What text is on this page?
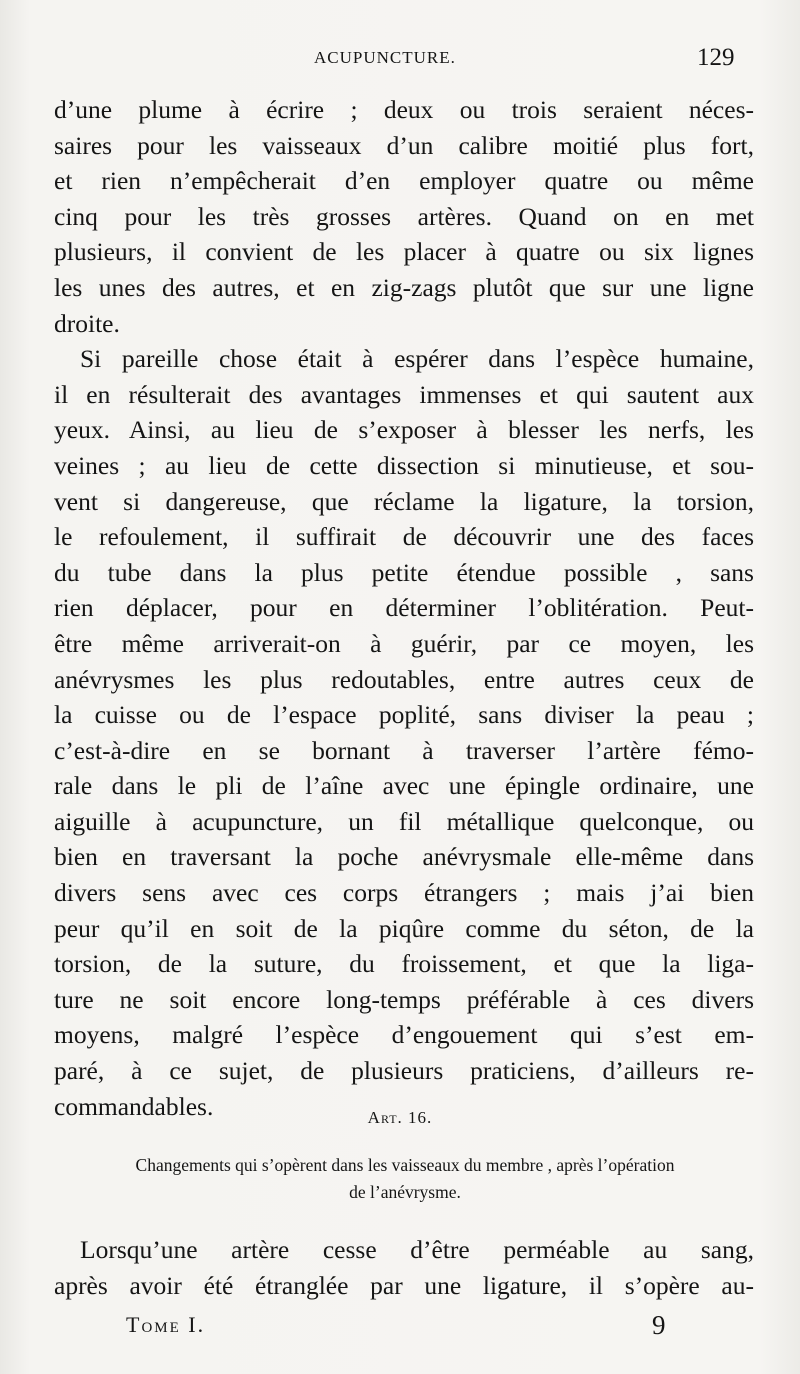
ACUPUNCTURE.	129
d’une plume à écrire ; deux ou trois seraient néces-
saires pour les vaisseaux d’un calibre moitié plus fort,
et rien n’empêcherait d’en employer quatre ou même
cinq pour les très grosses artères. Quand on en met
plusieurs, il convient de les placer à quatre ou six lignes
les unes des autres, et en zig-zags plutôt que sur une ligne
droite.
Si pareille chose était à espérer dans l’espèce humaine,
il en résulterait des avantages immenses et qui sautent aux
yeux. Ainsi, au lieu de s’exposer à blesser les nerfs, les
veines ; au lieu de cette dissection si minutieuse, et sou-
vent si dangereuse, que réclame la ligature, la torsion,
le refoulement, il suffirait de découvrir une des faces
du tube dans la plus petite étendue possible , sans
rien déplacer, pour en déterminer l’oblitération. Peut-
être même arriverait-on à guérir, par ce moyen, les
anévrysmes les plus redoutables, entre autres ceux de
la cuisse ou de l’espace poplité, sans diviser la peau ;
c’est-à-dire en se bornant à traverser l’artère fémo-
rale dans le pli de l’aîne avec une épingle ordinaire, une
aiguille à acupuncture, un fil métallique quelconque, ou
bien en traversant la poche anévrysmale elle-même dans
divers sens avec ces corps étrangers ; mais j’ai bien
peur qu’il en soit de la piqûre comme du séton, de la
torsion, de la suture, du froissement, et que la liga-
ture ne soit encore long-temps préférable à ces divers
moyens, malgré l’espèce d’engouement qui s’est em-
paré, à ce sujet, de plusieurs praticiens, d’ailleurs re-
commandables.	Art. 16.
Changements qui s’opèrent dans les vaisseaux du membre , après l’opération
de l’anévrysme.
Lorsqu’une artère cesse d’être perméable au sang,
après avoir été étranglée par une ligature, il s’opère au-
Tome I.	9
